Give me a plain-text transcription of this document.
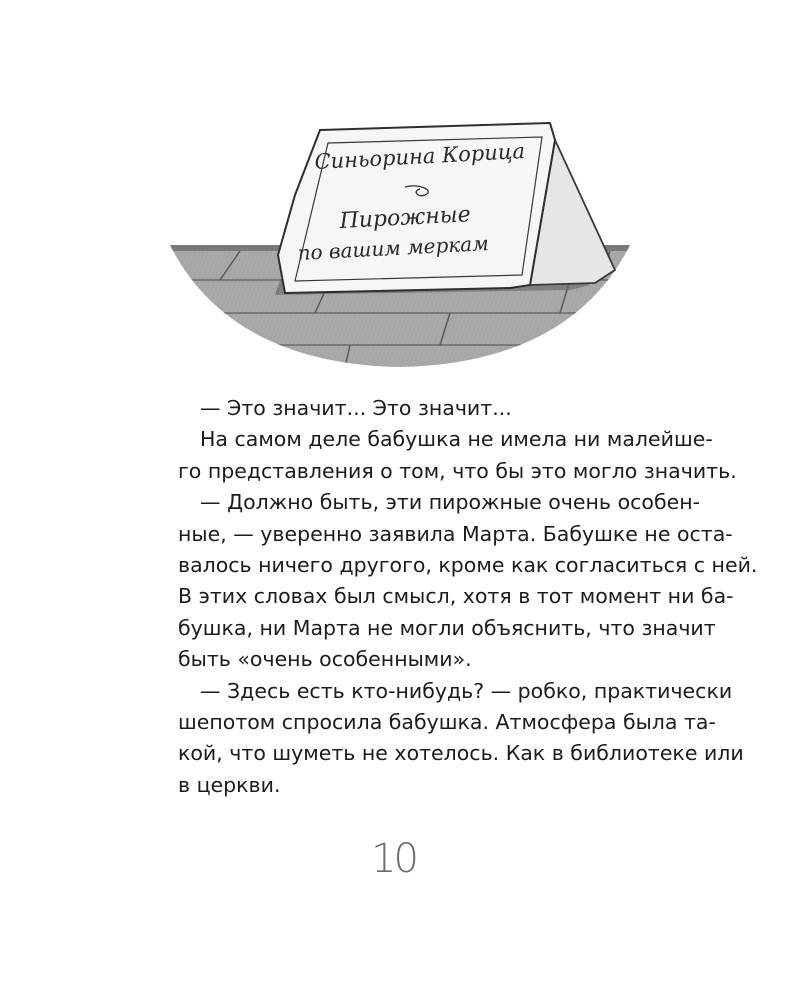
Синьорина Корица
Пирожные
по вашим меркам
— Это значит... Это значит...
На самом деле бабушка не имела ни малейше-
го представления о том, что бы это могло значить.
— Должно быть, эти пирожные очень особен-
ные, — уверенно заявила Марта. Бабушке не оста-
валось ничего другого, кроме как согласиться с ней.
В этих словах был смысл, хотя в тот момент ни ба-
бушка, ни Марта не могли объяснить, что значит
быть «очень особенными».
— Здесь есть кто-нибудь? — робко, практически
шепотом спросила бабушка. Атмосфера была та-
кой, что шуметь не хотелось. Как в библиотеке или
в церкви.
10
